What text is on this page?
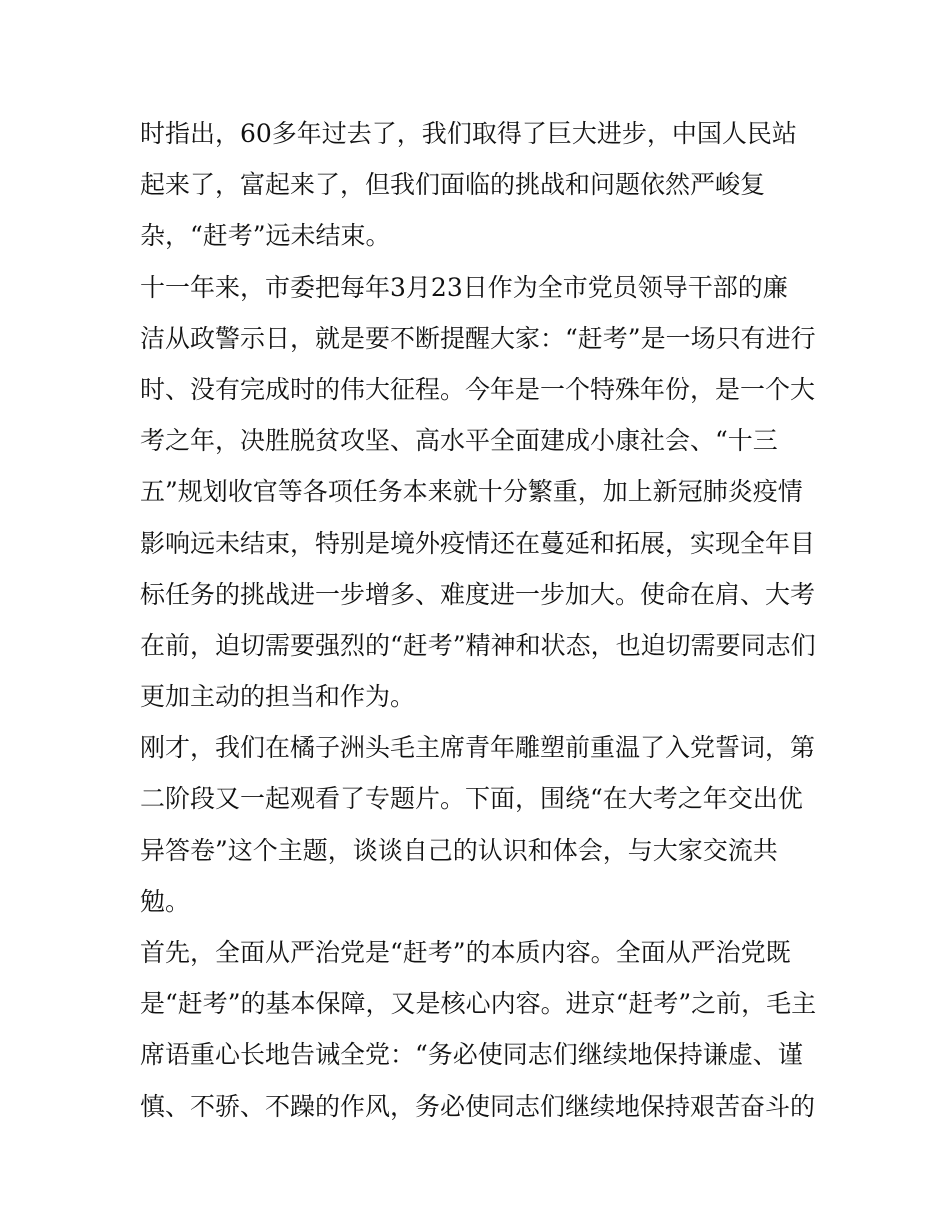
时指出，60多年过去了，我们取得了巨大进步，中国人民站
起来了，富起来了，但我们面临的挑战和问题依然严峻复
杂，“赶考”远未结束。
十一年来，市委把每年3月23日作为全市党员领导干部的廉
洁从政警示日，就是要不断提醒大家：“赶考”是一场只有进行
时、没有完成时的伟大征程。今年是一个特殊年份，是一个大
考之年，决胜脱贫攻坚、高水平全面建成小康社会、“十三
五”规划收官等各项任务本来就十分繁重，加上新冠肺炎疫情
影响远未结束，特别是境外疫情还在蔓延和拓展，实现全年目
标任务的挑战进一步增多、难度进一步加大。使命在肩、大考
在前，迫切需要强烈的“赶考”精神和状态，也迫切需要同志们
更加主动的担当和作为。
刚才，我们在橘子洲头毛主席青年雕塑前重温了入党誓词，第
二阶段又一起观看了专题片。下面，围绕“在大考之年交出优
异答卷”这个主题，谈谈自己的认识和体会，与大家交流共
勉。
首先，全面从严治党是“赶考”的本质内容。全面从严治党既
是“赶考”的基本保障，又是核心内容。进京“赶考”之前，毛主
席语重心长地告诫全党：“务必使同志们继续地保持谦虚、谨
慎、不骄、不躁的作风，务必使同志们继续地保持艰苦奋斗的
